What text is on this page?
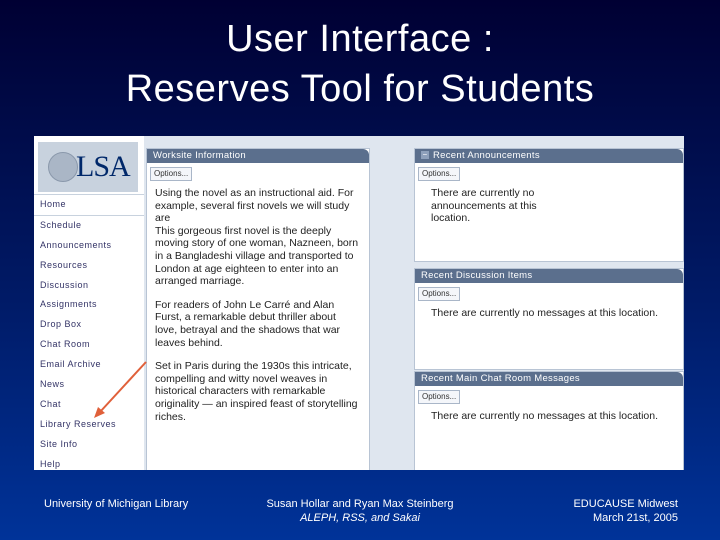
User Interface :
Reserves Tool for Students
LSA
Home
Schedule
Announcements
Resources
Discussion
Assignments
Drop Box
Chat Room
Email Archive
News
Chat
Library Reserves
Site Info
Help
Worksite Information
Options...
Using the novel as an instructional aid. For example, several first novels we will study are

This gorgeous first novel is the deeply moving story of one woman, Nazneen, born in a Bangladeshi village and transported to London at age eighteen to enter into an arranged marriage.

For readers of John Le Carré and Alan Furst, a remarkable debut thriller about love, betrayal and the shadows that war leaves behind.

Set in Paris during the 1930s this intricate, compelling and witty novel weaves in historical characters with remarkable originality — an inspired feast of storytelling riches.

− Recent Announcements
Options...
There are currently no announcements at this location.
Recent Discussion Items
Options...
There are currently no messages at this location.
Recent Main Chat Room Messages
Options...
There are currently no messages at this location.
University of Michigan Library	Susan Hollar and Ryan Max Steinberg
ALEPH, RSS, and Sakai
EDUCAUSE Midwest
March 21st, 2005
